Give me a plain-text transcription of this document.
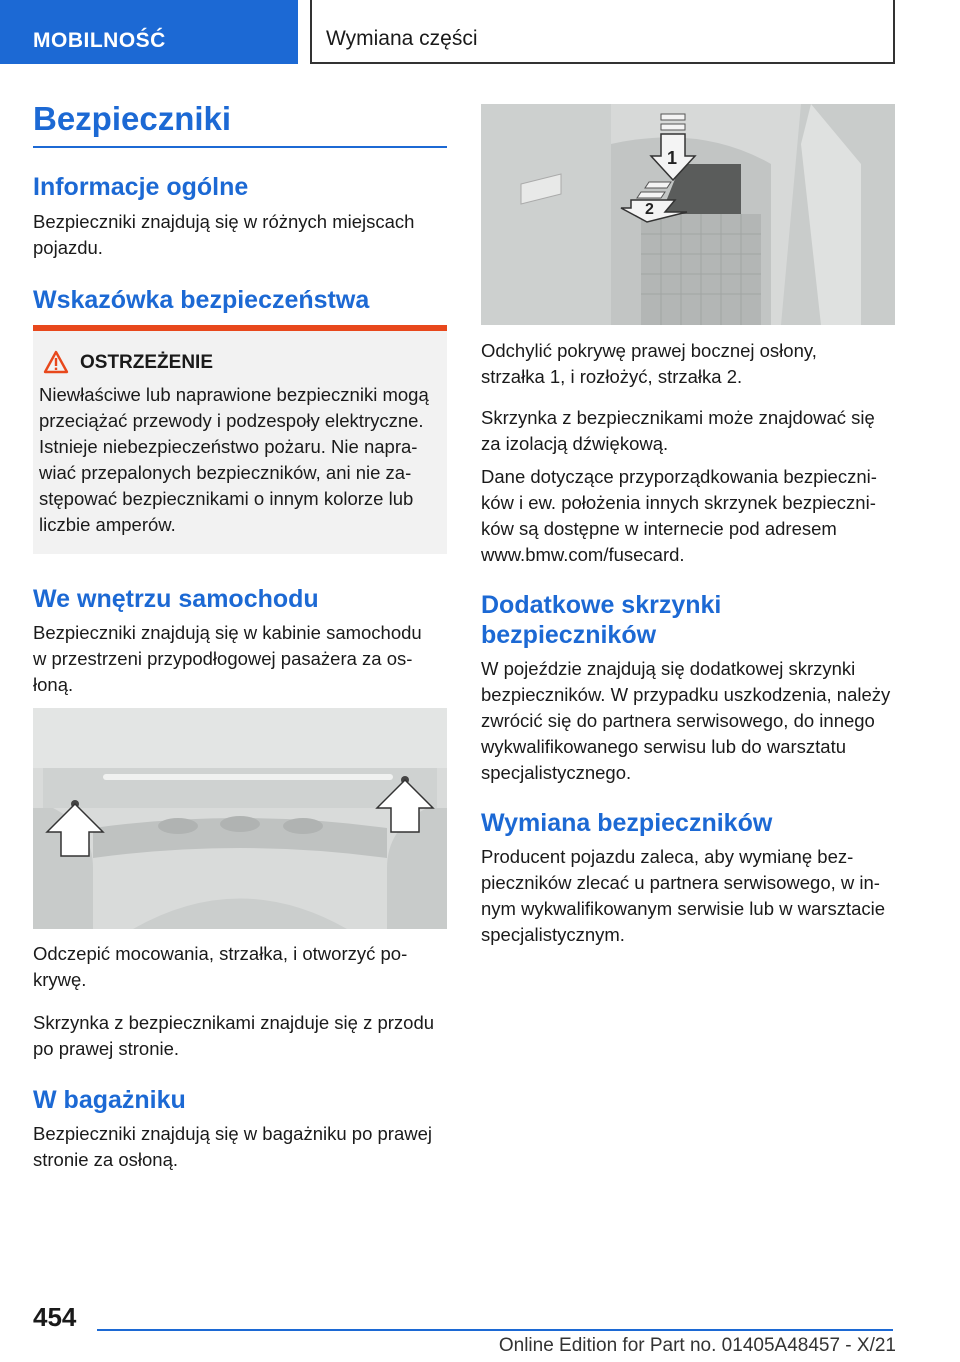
MOBILNOŚĆ	Wymiana części
Bezpieczniki
Informacje ogólne
Bezpieczniki znajdują się w różnych miejscach pojazdu.
Wskazówka bezpieczeństwa
OSTRZEŻENIE
Niewłaściwe lub naprawione bezpieczniki mogą
przeciążać przewody i podzespoły elektryczne.
Istnieje niebezpieczeństwo pożaru. Nie napra-
wiać przepalonych bezpieczników, ani nie za-
stępować bezpiecznikami o innym kolorze lub
liczbie amperów.
We wnętrzu samochodu
Bezpieczniki znajdują się w kabinie samochodu
w przestrzeni przypodłogowej pasażera za os-
łoną.
Odczepić mocowania, strzałka, i otworzyć po-
krywę.
Skrzynka z bezpiecznikami znajduje się z przodu
po prawej stronie.
W bagażniku
Bezpieczniki znajdują się w bagażniku po prawej
stronie za osłoną.
1
2
Odchylić pokrywę prawej bocznej osłony,
strzałka 1, i rozłożyć, strzałka 2.
Skrzynka z bezpiecznikami może znajdować się
za izolacją dźwiękową.
Dane dotyczące przyporządkowania bezpieczni-
ków i ew. położenia innych skrzynek bezpieczni-
ków są dostępne w internecie pod adresem
www.bmw.com/fusecard.
Dodatkowe skrzynki
bezpieczników
W pojeździe znajdują się dodatkowej skrzynki
bezpieczników. W przypadku uszkodzenia, należy
zwrócić się do partnera serwisowego, do innego
wykwalifikowanego serwisu lub do warsztatu
specjalistycznego.
Wymiana bezpieczników
Producent pojazdu zaleca, aby wymianę bez-
pieczników zlecać u partnera serwisowego, w in-
nym wykwalifikowanym serwisie lub w warsztacie
specjalistycznym.
454
Online Edition for Part no. 01405A48457 - X/21
